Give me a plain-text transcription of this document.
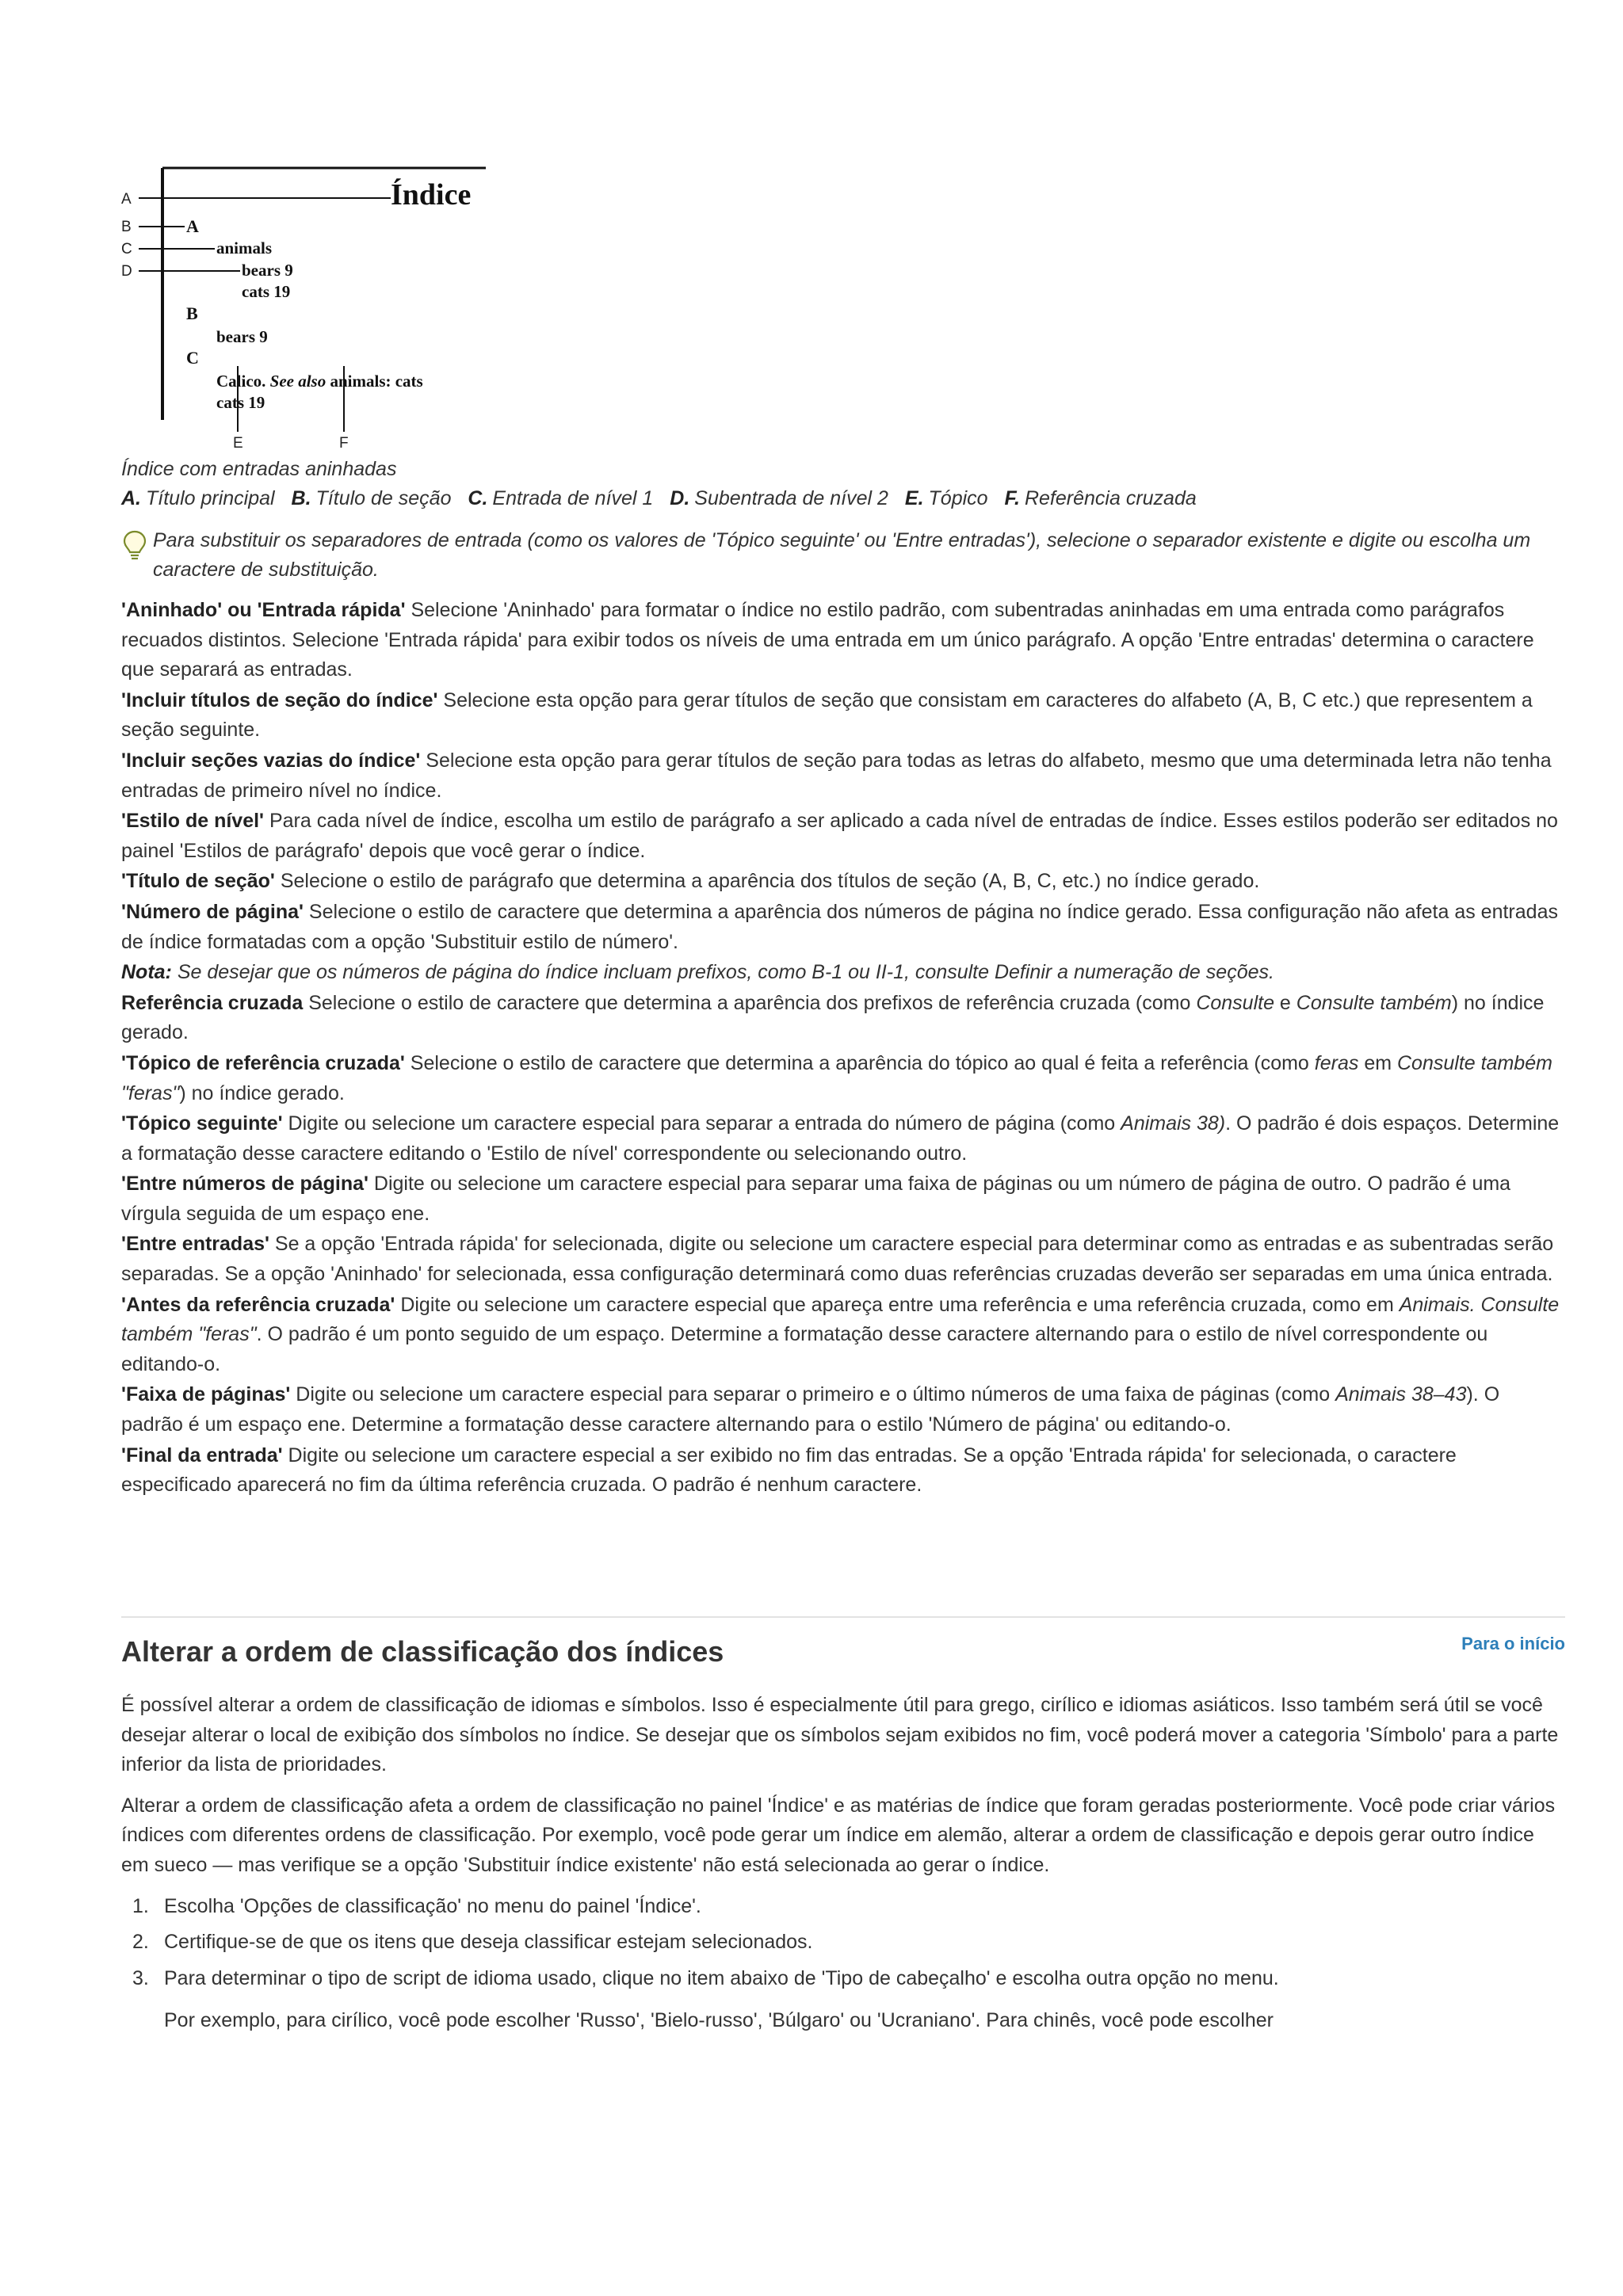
A
B
C
D
Índice
A
animals
bears 9
cats 19
B
bears 9
C
Calico. See also animals: cats
cats 19
E	F
Índice com entradas aninhadas
A. Título principal B. Título de seção C. Entrada de nível 1 D. Subentrada de nível 2 E. Tópico F. Referência cruzada
Para substituir os separadores de entrada (como os valores de 'Tópico seguinte' ou 'Entre entradas'), selecione o separador existente e digite ou escolha um caractere de substituição.

'Aninhado' ou 'Entrada rápida' Selecione 'Aninhado' para formatar o índice no estilo padrão, com subentradas aninhadas em uma entrada como parágrafos recuados distintos. Selecione 'Entrada rápida' para exibir todos os níveis de uma entrada em um único parágrafo. A opção 'Entre entradas' determina o caractere que separará as entradas.

'Incluir títulos de seção do índice' Selecione esta opção para gerar títulos de seção que consistam em caracteres do alfabeto (A, B, C etc.) que representem a seção seguinte.

'Incluir seções vazias do índice' Selecione esta opção para gerar títulos de seção para todas as letras do alfabeto, mesmo que uma determinada letra não tenha entradas de primeiro nível no índice.

'Estilo de nível' Para cada nível de índice, escolha um estilo de parágrafo a ser aplicado a cada nível de entradas de índice. Esses estilos poderão ser editados no painel 'Estilos de parágrafo' depois que você gerar o índice.

'Título de seção' Selecione o estilo de parágrafo que determina a aparência dos títulos de seção (A, B, C, etc.) no índice gerado.

'Número de página' Selecione o estilo de caractere que determina a aparência dos números de página no índice gerado. Essa configuração não afeta as entradas de índice formatadas com a opção 'Substituir estilo de número'.

Nota: Se desejar que os números de página do índice incluam prefixos, como B-1 ou II-1, consulte Definir a numeração de seções.

Referência cruzada Selecione o estilo de caractere que determina a aparência dos prefixos de referência cruzada (como Consulte e Consulte também) no índice gerado.

'Tópico de referência cruzada' Selecione o estilo de caractere que determina a aparência do tópico ao qual é feita a referência (como feras em Consulte também "feras") no índice gerado.

'Tópico seguinte' Digite ou selecione um caractere especial para separar a entrada do número de página (como Animais 38). O padrão é dois espaços. Determine a formatação desse caractere editando o 'Estilo de nível' correspondente ou selecionando outro.

'Entre números de página' Digite ou selecione um caractere especial para separar uma faixa de páginas ou um número de página de outro. O padrão é uma vírgula seguida de um espaço ene.

'Entre entradas' Se a opção 'Entrada rápida' for selecionada, digite ou selecione um caractere especial para determinar como as entradas e as subentradas serão separadas. Se a opção 'Aninhado' for selecionada, essa configuração determinará como duas referências cruzadas deverão ser separadas em uma única entrada.

'Antes da referência cruzada' Digite ou selecione um caractere especial que apareça entre uma referência e uma referência cruzada, como em Animais. Consulte também "feras". O padrão é um ponto seguido de um espaço. Determine a formatação desse caractere alternando para o estilo de nível correspondente ou editando-o.

'Faixa de páginas' Digite ou selecione um caractere especial para separar o primeiro e o último números de uma faixa de páginas (como Animais 38–43). O padrão é um espaço ene. Determine a formatação desse caractere alternando para o estilo 'Número de página' ou editando-o.

'Final da entrada' Digite ou selecione um caractere especial a ser exibido no fim das entradas. Se a opção 'Entrada rápida' for selecionada, o caractere especificado aparecerá no fim da última referência cruzada. O padrão é nenhum caractere.

Alterar a ordem de classificação dos índices	Para o início

É possível alterar a ordem de classificação de idiomas e símbolos. Isso é especialmente útil para grego, cirílico e idiomas asiáticos. Isso também será útil se você desejar alterar o local de exibição dos símbolos no índice. Se desejar que os símbolos sejam exibidos no fim, você poderá mover a categoria 'Símbolo' para a parte inferior da lista de prioridades.

Alterar a ordem de classificação afeta a ordem de classificação no painel 'Índice' e as matérias de índice que foram geradas posteriormente. Você pode criar vários índices com diferentes ordens de classificação. Por exemplo, você pode gerar um índice em alemão, alterar a ordem de classificação e depois gerar outro índice em sueco — mas verifique se a opção 'Substituir índice existente' não está selecionada ao gerar o índice.

1. Escolha 'Opções de classificação' no menu do painel 'Índice'.
2. Certifique-se de que os itens que deseja classificar estejam selecionados.
3. Para determinar o tipo de script de idioma usado, clique no item abaixo de 'Tipo de cabeçalho' e escolha outra opção no menu.

Por exemplo, para cirílico, você pode escolher 'Russo', 'Bielo-russo', 'Búlgaro' ou 'Ucraniano'. Para chinês, você pode escolher
